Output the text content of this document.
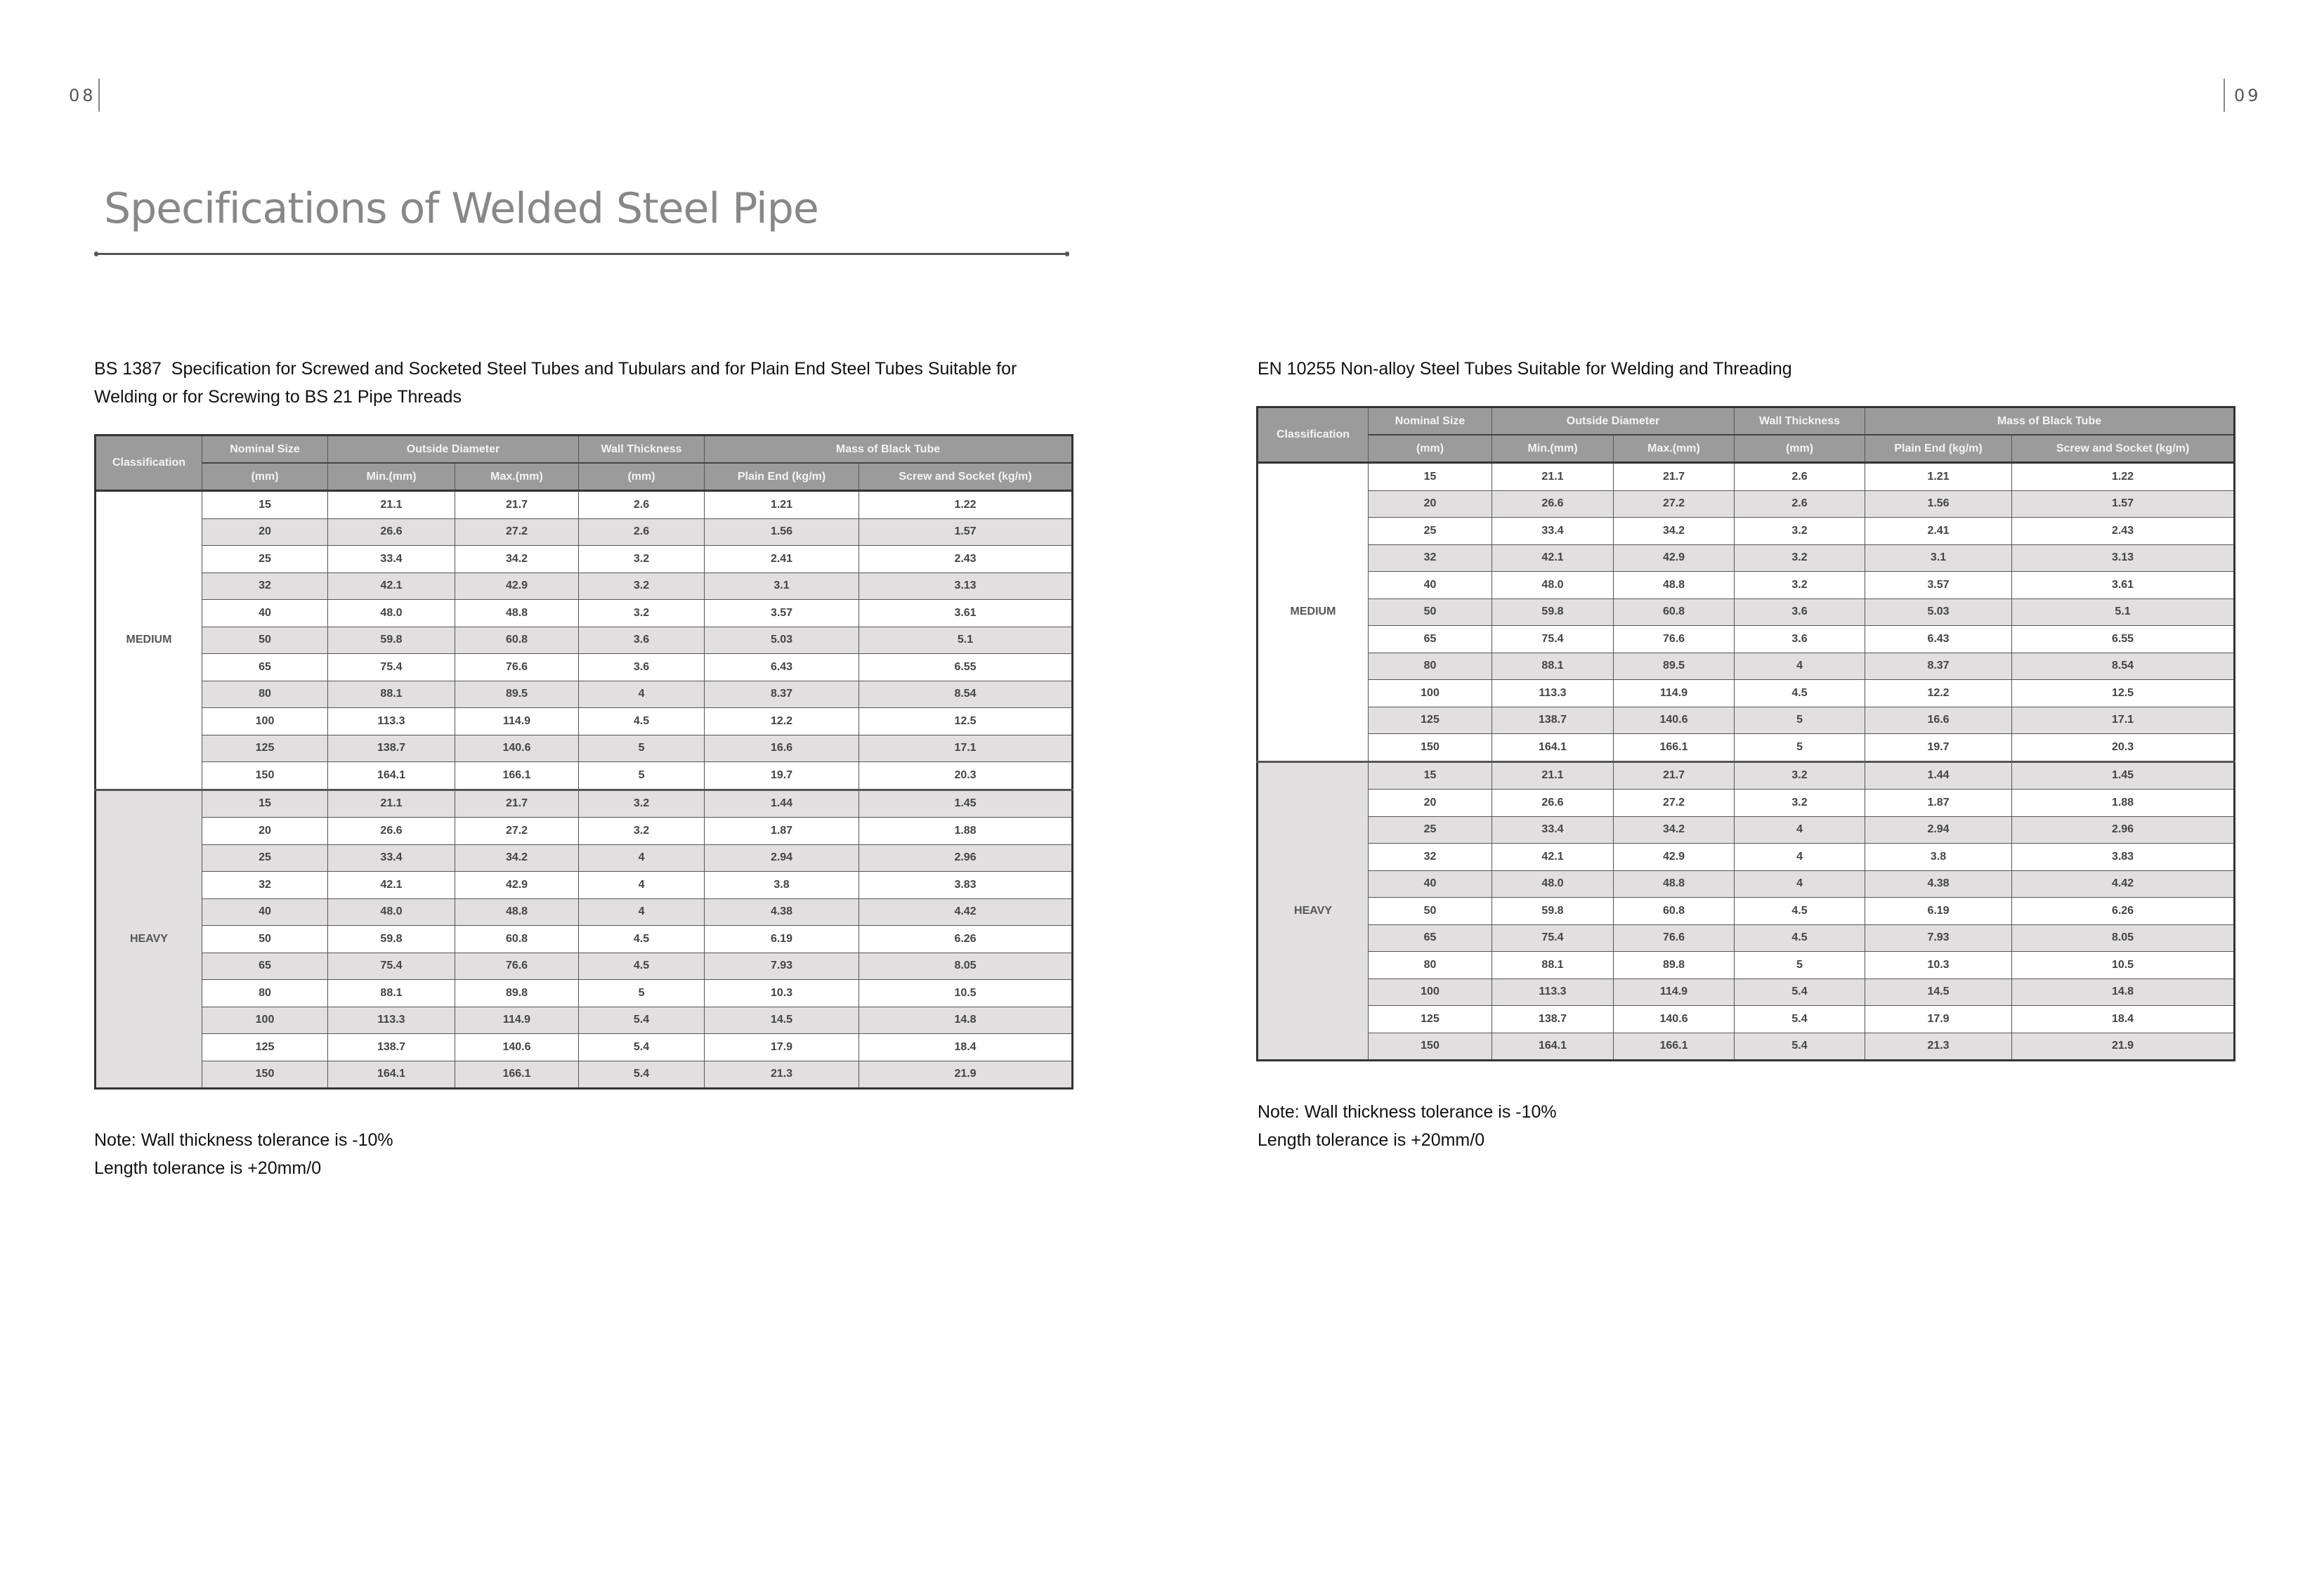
08	09
Specifications of Welded Steel Pipe
BS 1387  Specification for Screwed and Socketed Steel Tubes and Tubulars and for Plain End Steel Tubes Suitable for
Welding or for Screwing to BS 21 Pipe Threads
Classification	Nominal Size	Outside Diameter		Wall Thickness	Mass of Black Tube	
	(mm)	Min.(mm)	Max.(mm)	(mm)	Plain End (kg/m)	Screw and Socket (kg/m)
MEDIUM	15	21.1	21.7	2.6	1.21	1.22
	20	26.6	27.2	2.6	1.56	1.57
	25	33.4	34.2	3.2	2.41	2.43
	32	42.1	42.9	3.2	3.1	3.13
	40	48.0	48.8	3.2	3.57	3.61
	50	59.8	60.8	3.6	5.03	5.1
	65	75.4	76.6	3.6	6.43	6.55
	80	88.1	89.5	4	8.37	8.54
	100	113.3	114.9	4.5	12.2	12.5
	125	138.7	140.6	5	16.6	17.1
	150	164.1	166.1	5	19.7	20.3
HEAVY	15	21.1	21.7	3.2	1.44	1.45
	20	26.6	27.2	3.2	1.87	1.88
	25	33.4	34.2	4	2.94	2.96
	32	42.1	42.9	4	3.8	3.83
	40	48.0	48.8	4	4.38	4.42
	50	59.8	60.8	4.5	6.19	6.26
	65	75.4	76.6	4.5	7.93	8.05
	80	88.1	89.8	5	10.3	10.5
	100	113.3	114.9	5.4	14.5	14.8
	125	138.7	140.6	5.4	17.9	18.4
	150	164.1	166.1	5.4	21.3	21.9
Note: Wall thickness tolerance is -10%
Length tolerance is +20mm/0
EN 10255 Non-alloy Steel Tubes Suitable for Welding and Threading
Classification	Nominal Size	Outside Diameter		Wall Thickness	Mass of Black Tube	
	(mm)	Min.(mm)	Max.(mm)	(mm)	Plain End (kg/m)	Screw and Socket (kg/m)
MEDIUM	15	21.1	21.7	2.6	1.21	1.22
	20	26.6	27.2	2.6	1.56	1.57
	25	33.4	34.2	3.2	2.41	2.43
	32	42.1	42.9	3.2	3.1	3.13
	40	48.0	48.8	3.2	3.57	3.61
	50	59.8	60.8	3.6	5.03	5.1
	65	75.4	76.6	3.6	6.43	6.55
	80	88.1	89.5	4	8.37	8.54
	100	113.3	114.9	4.5	12.2	12.5
	125	138.7	140.6	5	16.6	17.1
	150	164.1	166.1	5	19.7	20.3
HEAVY	15	21.1	21.7	3.2	1.44	1.45
	20	26.6	27.2	3.2	1.87	1.88
	25	33.4	34.2	4	2.94	2.96
	32	42.1	42.9	4	3.8	3.83
	40	48.0	48.8	4	4.38	4.42
	50	59.8	60.8	4.5	6.19	6.26
	65	75.4	76.6	4.5	7.93	8.05
	80	88.1	89.8	5	10.3	10.5
	100	113.3	114.9	5.4	14.5	14.8
	125	138.7	140.6	5.4	17.9	18.4
	150	164.1	166.1	5.4	21.3	21.9
Note: Wall thickness tolerance is -10%
Length tolerance is +20mm/0
